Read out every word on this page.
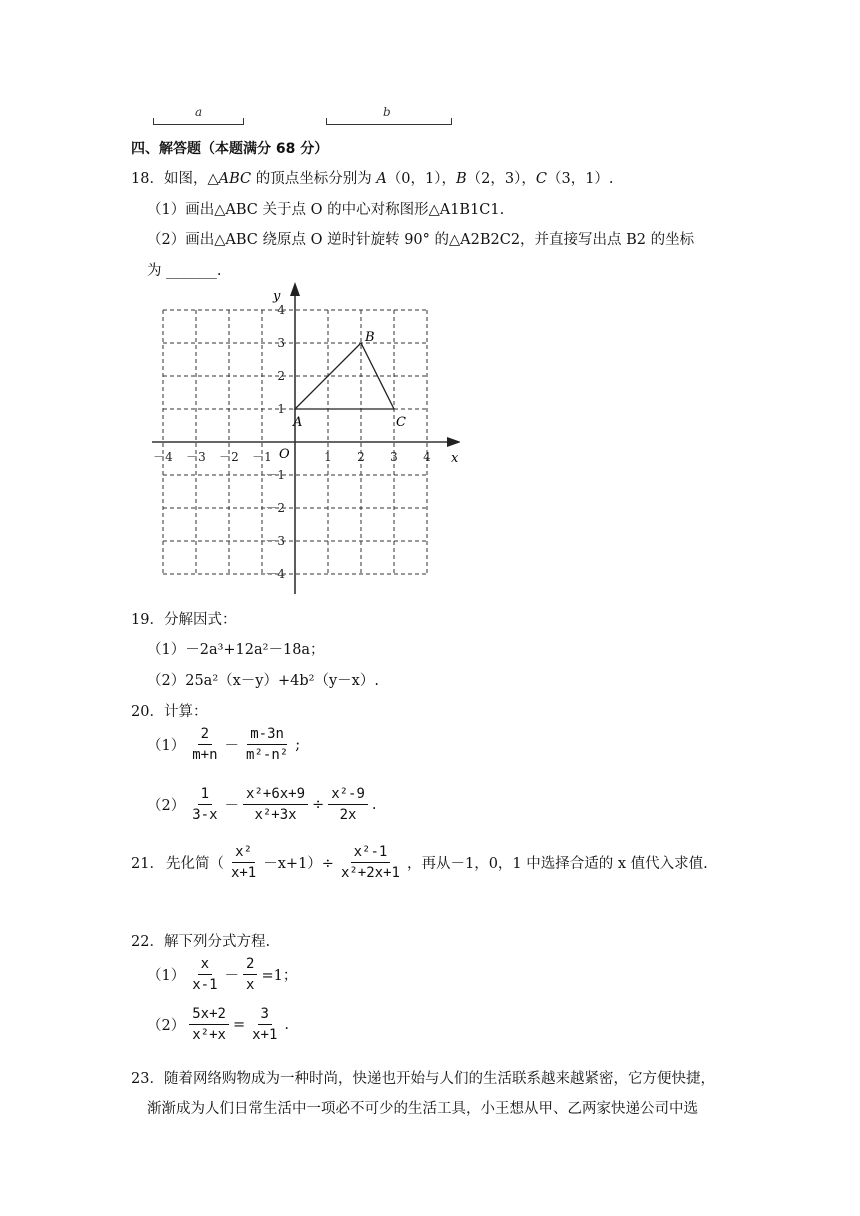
a	b
四、解答题（本题满分 68 分）
18．如图，△ABC 的顶点坐标分别为 A（0，1），B（2，3），C（3，1）.
（1）画出△ABC 关于点 O 的中心对称图形△A1B1C1.
（2）画出△ABC 绕原点 O 逆时针旋转 90° 的△A2B2C2，并直接写出点 B2 的坐标
为 _______.
－4 －3 －2 －1	1 2 3 4
4
3
2
1
－1
－2
－3
－4
A
B
C
O	x
y
19．分解因式：
（1）－2a³+12a²－18a；
（2）25a²（x－y）+4b²（y－x）.
20．计算：
$(1) \frac{2}{m+n} - \frac{m-3n}{\text{m²-n²}}$ ;
$(2) \frac{1}{3-x} - \frac{\text{x²+6x+9}}{\text{x²+3x}} \div \frac{\text{x²-9}}{2x}$ .
21． 先化简（ $\frac{\text{x²}}{x+1} -x+1)\div \frac{\text{x²-1}}{\text{x²+2x+1}}$ ，再从－1，0，1 中选择合适的 x 值代入求值.
22．解下列分式方程.
$(1) \frac{x}{x-1} - \frac{2}{x} =1$；
$(2) \frac{5x+2}{\text{x²+x}} = \frac{3}{x+1}$ .
23．随着网络购物成为一种时尚，快递也开始与人们的生活联系越来越紧密，它方便快捷，
渐渐成为人们日常生活中一项必不可少的生活工具，小王想从甲、乙两家快递公司中选
